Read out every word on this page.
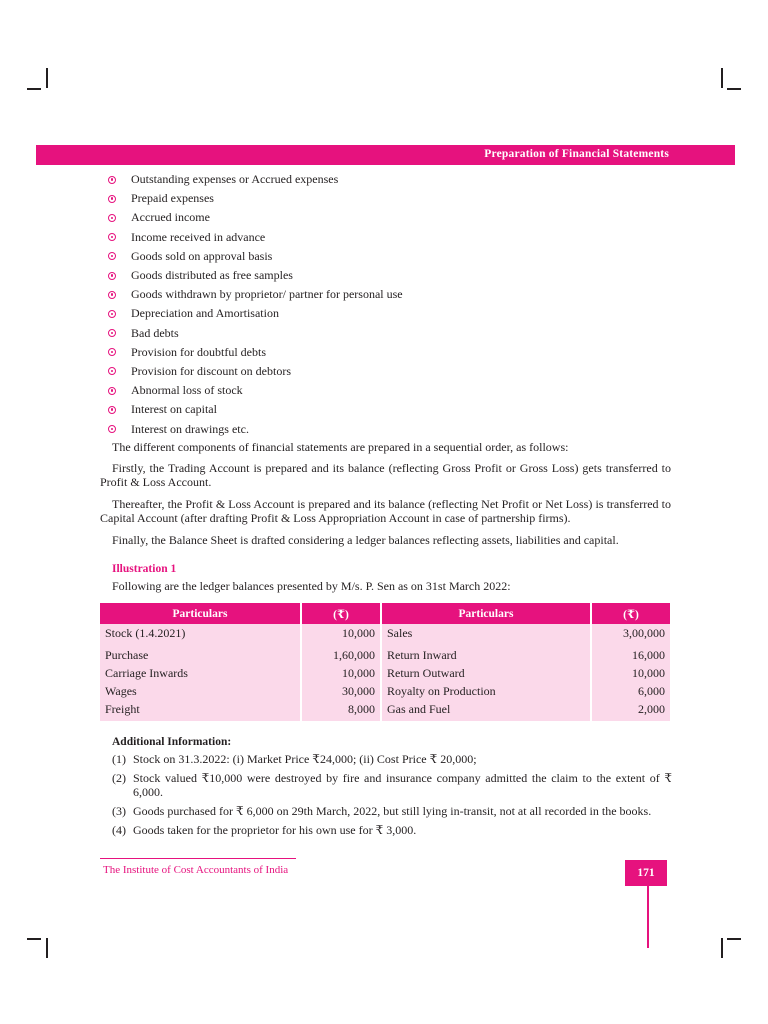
Preparation of Financial Statements
Outstanding expenses or Accrued expenses
Prepaid expenses
Accrued income
Income received in advance
Goods sold on approval basis
Goods distributed as free samples
Goods withdrawn by proprietor/ partner for personal use
Depreciation and Amortisation
Bad debts
Provision for doubtful debts
Provision for discount on debtors
Abnormal loss of stock
Interest on capital
Interest on drawings etc.

The different components of financial statements are prepared in a sequential order, as follows:

Firstly, the Trading Account is prepared and its balance (reflecting Gross Profit or Gross Loss) gets transferred to Profit & Loss Account.

Thereafter, the Profit & Loss Account is prepared and its balance (reflecting Net Profit or Net Loss) is transferred to Capital Account (after drafting Profit & Loss Appropriation Account in case of partnership firms).

Finally, the Balance Sheet is drafted considering a ledger balances reflecting assets, liabilities and capital.

Illustration 1
Following are the ledger balances presented by M/s. P. Sen as on 31st March 2022:
Particulars	(₹)	Particulars	(₹)
Stock (1.4.2021)	10,000	Sales	3,00,000
Purchase	1,60,000	Return Inward	16,000
Carriage Inwards	10,000	Return Outward	10,000
Wages	30,000	Royalty on Production	6,000
Freight	8,000	Gas and Fuel	2,000
Additional Information:
(1) Stock on 31.3.2022: (i) Market Price ₹24,000; (ii) Cost Price ₹ 20,000;
(2) Stock valued ₹10,000 were destroyed by fire and insurance company admitted the claim to the extent of ₹ 6,000.
(3) Goods purchased for ₹ 6,000 on 29th March, 2022, but still lying in-transit, not at all recorded in the books.
(4) Goods taken for the proprietor for his own use for ₹ 3,000.
The Institute of Cost Accountants of India	171
